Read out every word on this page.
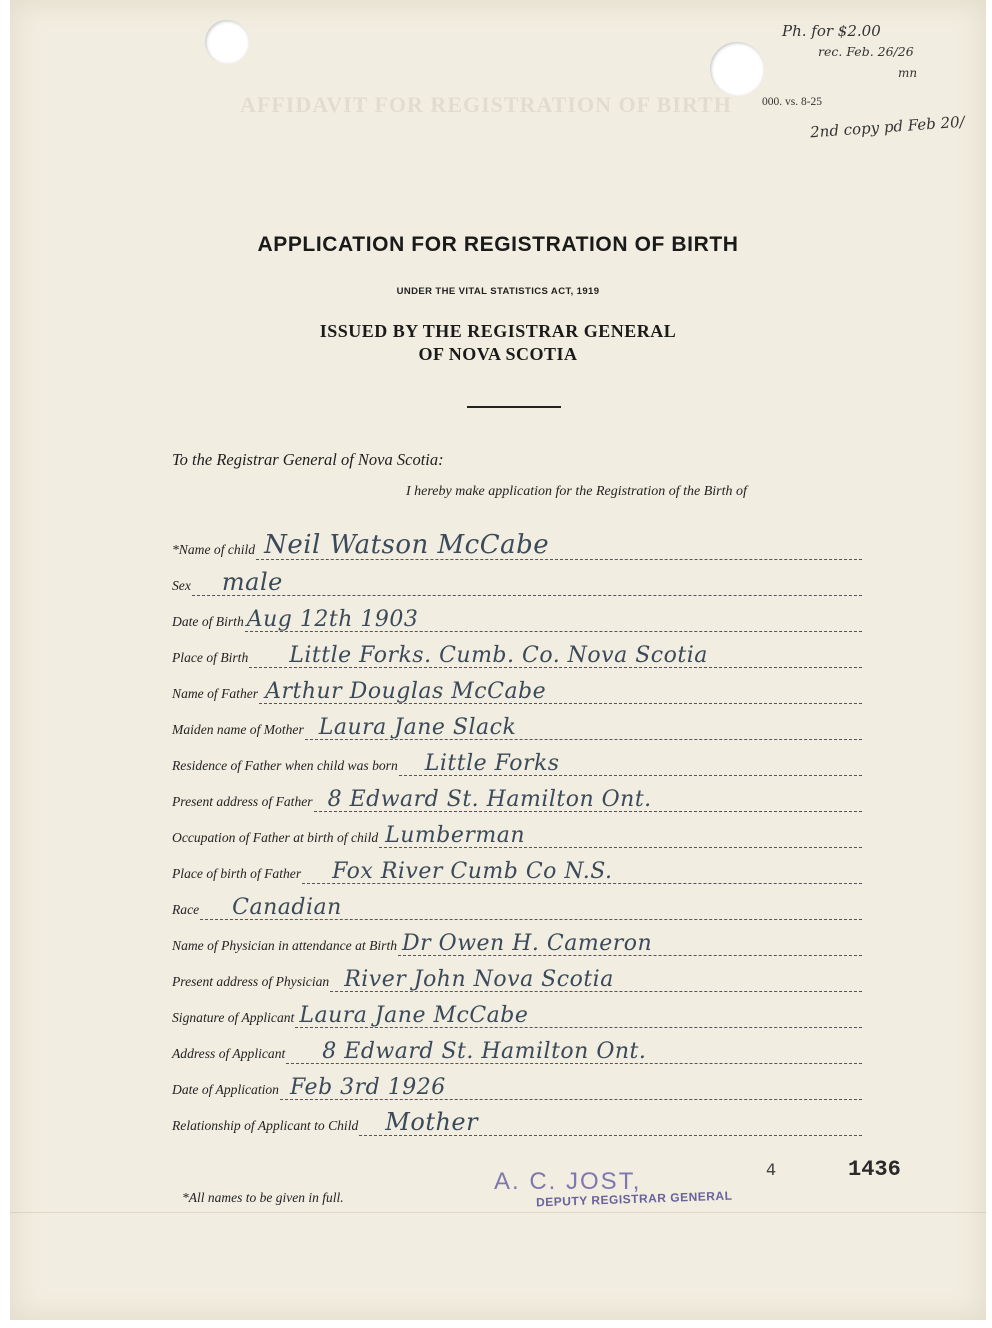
AFFIDAVIT FOR REGISTRATION OF BIRTH	000. vs. 8-25
Ph. for $2.00
rec. Feb. 26/26
mn
2nd copy pd Feb 20/
APPLICATION FOR REGISTRATION OF BIRTH
UNDER THE VITAL STATISTICS ACT, 1919
ISSUED BY THE REGISTRAR GENERAL
OF NOVA SCOTIA
To the Registrar General of Nova Scotia:
I hereby make application for the Registration of the Birth of
*Name of child Neil Watson McCabe
Sex male
Date of Birth Aug 12th 1903
Place of Birth Little Forks. Cumb. Co. Nova Scotia
Name of Father Arthur Douglas McCabe
Maiden name of Mother Laura Jane Slack
Residence of Father when child was born Little Forks
Present address of Father 8 Edward St. Hamilton Ont.
Occupation of Father at birth of child Lumberman
Place of birth of Father Fox River Cumb Co N.S.
Race Canadian
Name of Physician in attendance at Birth Dr Owen H. Cameron
Present address of Physician River John Nova Scotia
Signature of Applicant Laura Jane McCabe
Address of Applicant 8 Edward St. Hamilton Ont.
Date of Application Feb 3rd 1926
Relationship of Applicant to Child Mother
*All names to be given in full.
A. C. JOST,
DEPUTY REGISTRAR GENERAL
4	1436
